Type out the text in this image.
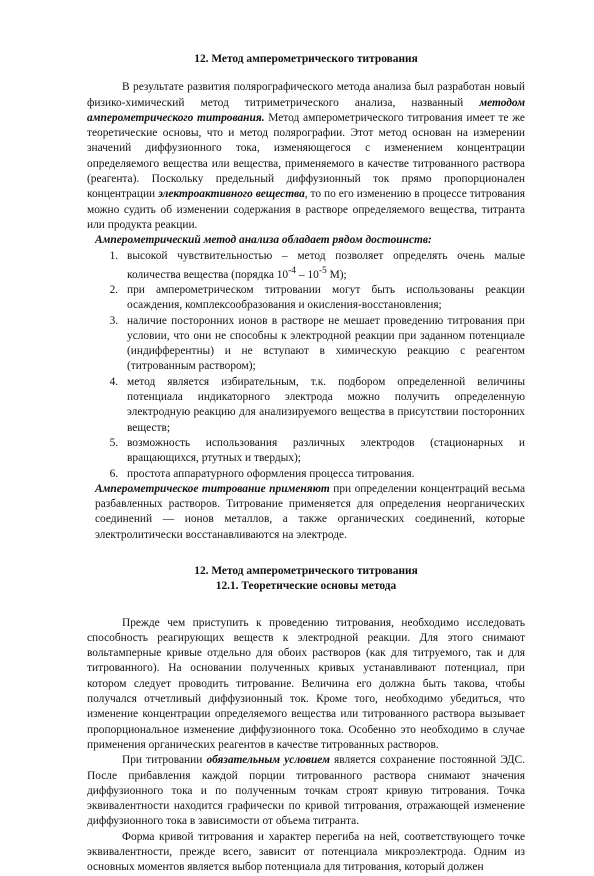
12. Метод амперометрического титрования

В результате развития полярографического метода анализа был разработан новый физико-химический метод титриметрического анализа, названный методом амперометрического титрования. Метод амперометрического титрования имеет те же теоретические основы, что и метод полярографии. Этот метод основан на измерении значений диффузионного тока, изменяющегося с изменением концентрации определяемого вещества или вещества, применяемого в качестве титрованного раствора (реагента). Поскольку предельный диффузионный ток прямо пропорционален концентрации электроактивного вещества, то по его изменению в процессе титрования можно судить об изменении содержания в растворе определяемого вещества, титранта или продукта реакции.

Амперометрический метод анализа обладает рядом достоинств:

1. высокой чувствительностью – метод позволяет определять очень малые количества вещества (порядка $10^{-4} - 10^{-5}$ М);
2. при амперометрическом титровании могут быть использованы реакции осаждения, комплексообразования и окисления-восстановления;
3. наличие посторонних ионов в растворе не мешает проведению титрования при условии, что они не способны к электродной реакции при заданном потенциале (индифферентны) и не вступают в химическую реакцию с реагентом (титрованным раствором);
4. метод является избирательным, т.к. подбором определенной величины потенциала индикаторного электрода можно получить определенную электродную реакцию для анализируемого вещества в присутствии посторонних веществ;
5. возможность использования различных электродов (стационарных и вращающихся, ртутных и твердых);
6. простота аппаратурного оформления процесса титрования.

Амперометрическое титрование применяют при определении концентраций весьма разбавленных растворов. Титрование применяется для определения неорганических соединений — ионов металлов, а также органических соединений, которые электролитически восстанавливаются на электроде.

12. Метод амперометрического титрования
12.1. Теоретические основы метода

Прежде чем приступить к проведению титрования, необходимо исследовать способность реагирующих веществ к электродной реакции. Для этого снимают вольтамперные кривые отдельно для обоих растворов (как для титруемого, так и для титрованного). На основании полученных кривых устанавливают потенциал, при котором следует проводить титрование. Величина его должна быть такова, чтобы получался отчетливый диффузионный ток. Кроме того, необходимо убедиться, что изменение концентрации определяемого вещества или титрованного раствора вызывает пропорциональное изменение диффузионного тока. Особенно это необходимо в случае применения органических реагентов в качестве титрованных растворов.

При титровании обязательным условием является сохранение постоянной ЭДС. После прибавления каждой порции титрованного раствора снимают значения диффузионного тока и по полученным точкам строят кривую титрования. Точка эквивалентности находится графически по кривой титрования, отражающей изменение диффузионного тока в зависимости от объема титранта.

Форма кривой титрования и характер перегиба на ней, соответствующего точке эквивалентности, прежде всего, зависит от потенциала микроэлектрода. Одним из основных моментов является выбор потенциала для титрования, который должен
